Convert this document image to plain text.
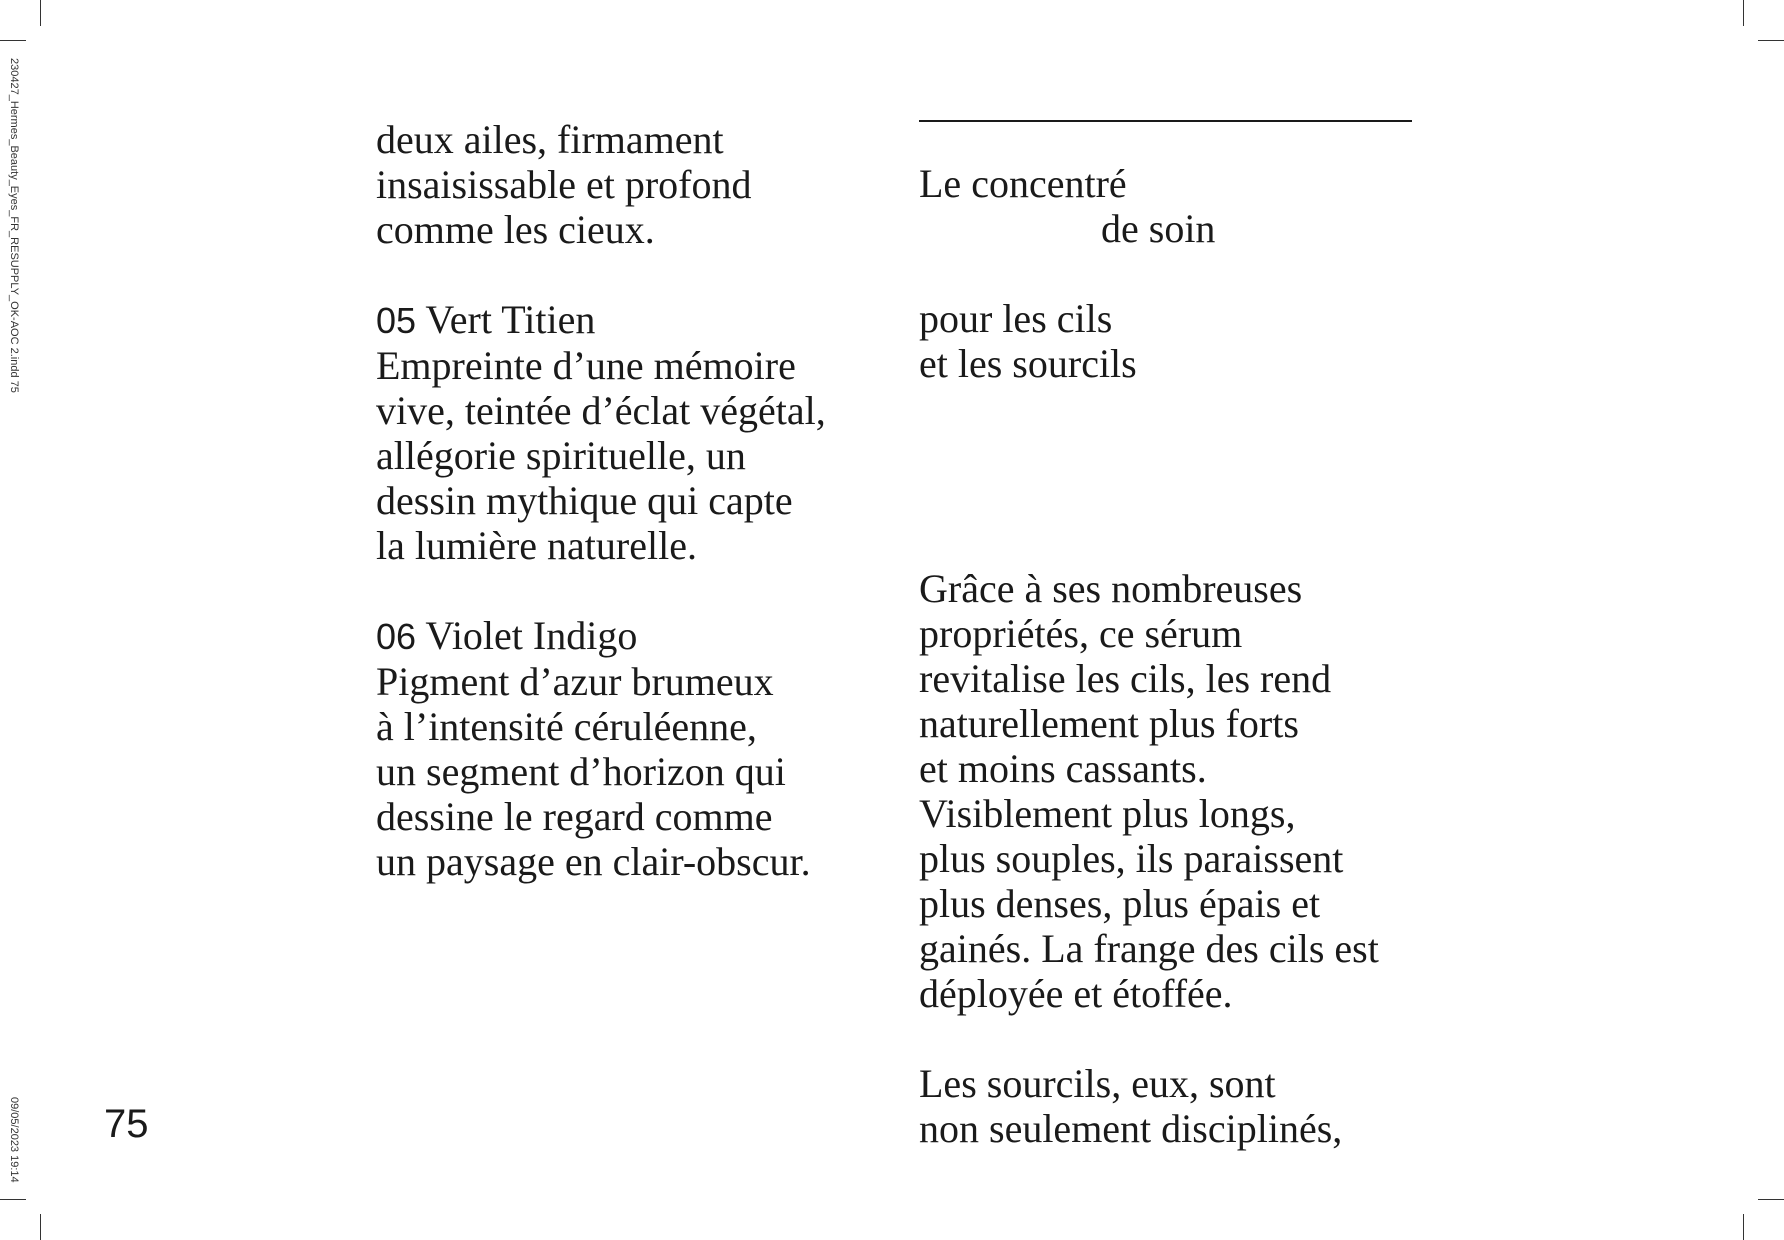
230427_Hermes_Beauty_Eyes_FR_RESUPPLY_OK-AOC 2.indd 75
09/05/2023 19:14
deux ailes, firmament
insaisissable et profond
comme les cieux.
05 Vert Titien
Empreinte d’une mémoire
vive, teintée d’éclat végétal,
allégorie spirituelle, un
dessin mythique qui capte
la lumière naturelle.
06 Violet Indigo
Pigment d’azur brumeux
à l’intensité céruléenne,
un segment d’horizon qui
dessine le regard comme
un paysage en clair-obscur.
Le concentré
de soin
pour les cils
et les sourcils
Grâce à ses nombreuses
propriétés, ce sérum
revitalise les cils, les rend
naturellement plus forts
et moins cassants.
Visiblement plus longs,
plus souples, ils paraissent
plus denses, plus épais et
gainés. La frange des cils est
déployée et étoffée.
Les sourcils, eux, sont
non seulement disciplinés,
75
